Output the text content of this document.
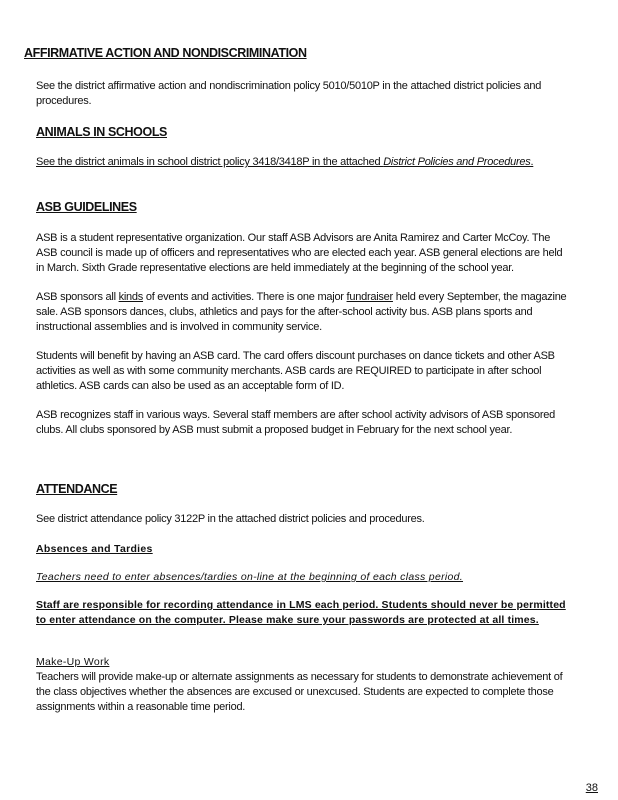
AFFIRMATIVE ACTION AND NONDISCRIMINATION

See the district affirmative action and nondiscrimination policy 5010/5010P in the attached district policies and procedures.

ANIMALS IN SCHOOLS

See the district animals in school district policy 3418/3418P in the attached District Policies and Procedures.

ASB GUIDELINES

ASB is a student representative organization. Our staff ASB Advisors are Anita Ramirez and Carter McCoy. The ASB council is made up of officers and representatives who are elected each year. ASB general elections are held in March. Sixth Grade representative elections are held immediately at the beginning of the school year.

ASB sponsors all kinds of events and activities. There is one major fundraiser held every September, the magazine sale. ASB sponsors dances, clubs, athletics and pays for the after-school activity bus. ASB plans sports and instructional assemblies and is involved in community service.

Students will benefit by having an ASB card. The card offers discount purchases on dance tickets and other ASB activities as well as with some community merchants. ASB cards are REQUIRED to participate in after school athletics. ASB cards can also be used as an acceptable form of ID.

ASB recognizes staff in various ways. Several staff members are after school activity advisors of ASB sponsored clubs. All clubs sponsored by ASB must submit a proposed budget in February for the next school year.

ATTENDANCE

See district attendance policy 3122P in the attached district policies and procedures.

Absences and Tardies
Teachers need to enter absences/tardies on-line at the beginning of each class period.

Staff are responsible for recording attendance in LMS each period. Students should never be permitted to enter attendance on the computer. Please make sure your passwords are protected at all times.

Make-Up Work

Teachers will provide make-up or alternate assignments as necessary for students to demonstrate achievement of the class objectives whether the absences are excused or unexcused. Students are expected to complete those assignments within a reasonable time period.

38
